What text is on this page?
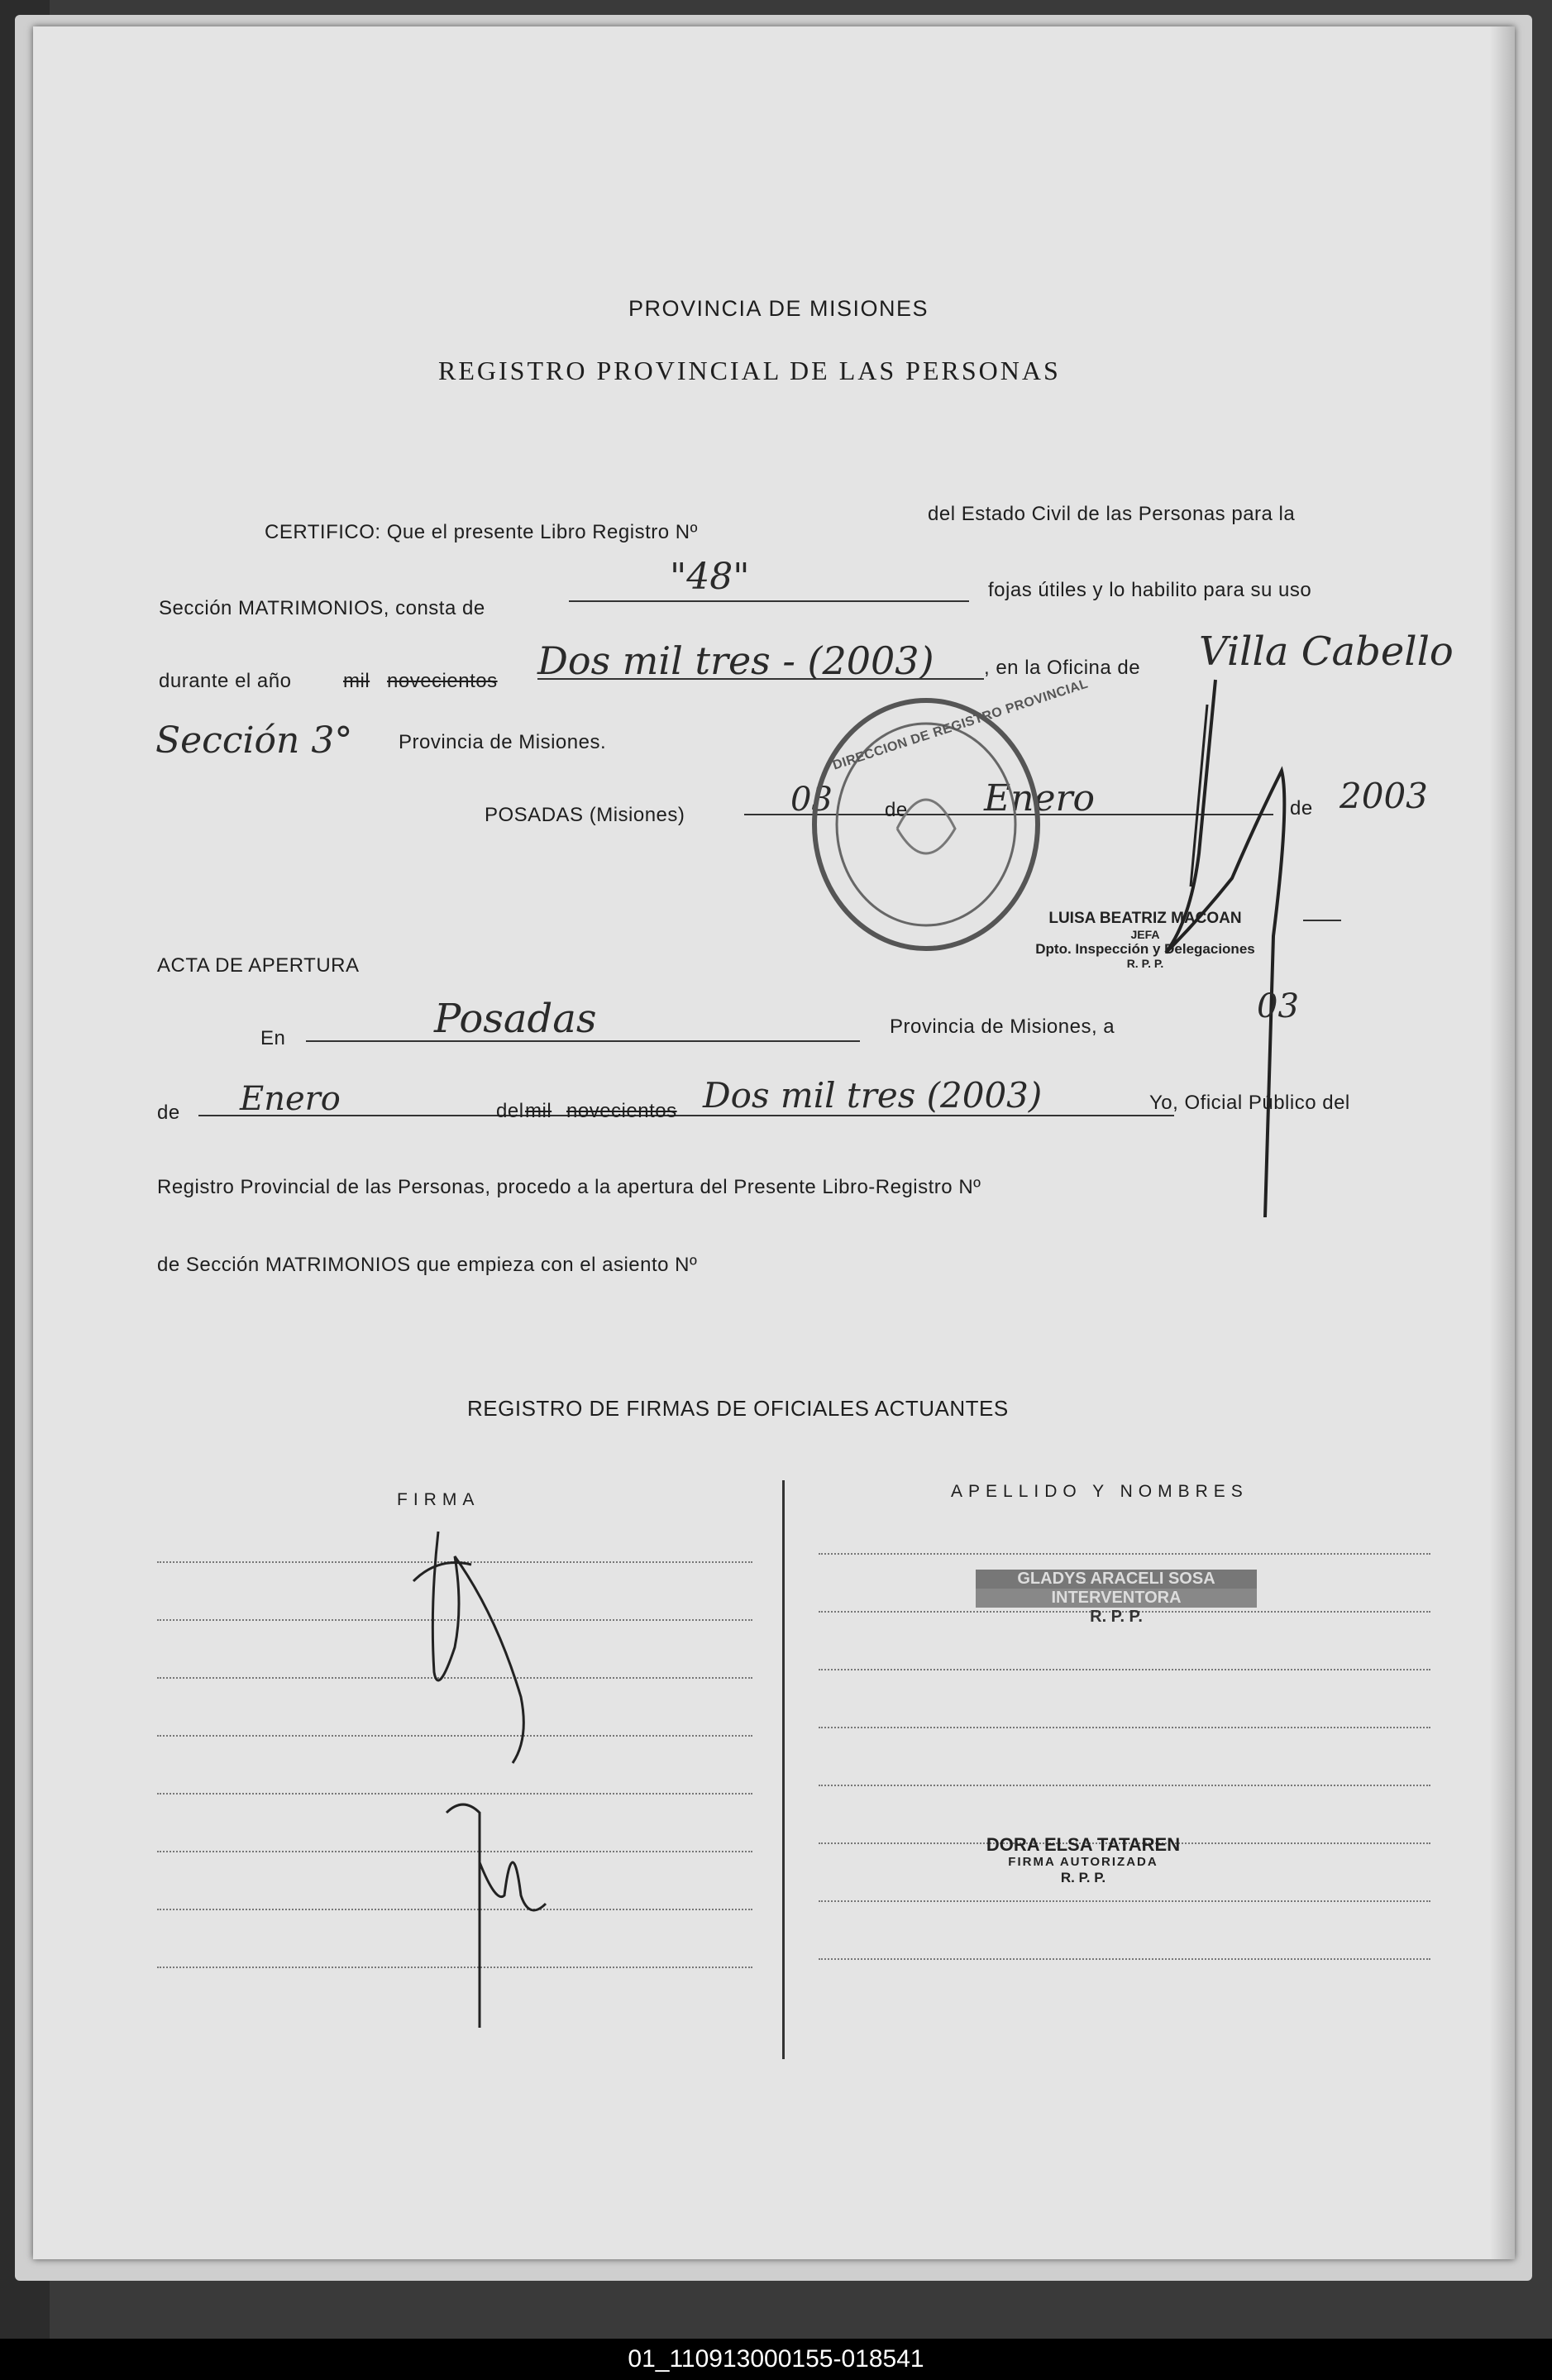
PROVINCIA DE MISIONES
REGISTRO PROVINCIAL DE LAS PERSONAS
CERTIFICO: Que el presente Libro Registro Nº
del Estado Civil de las Personas para la
Sección MATRIMONIOS, consta de
"48"	fojas útiles y lo habilito para su uso
durante el año	mil novecientos Dos mil tres - (2003)	, en la Oficina de Villa Cabello
Sección 3° Provincia de Misiones.
POSADAS (Misiones)	03	de Enero	de 2003
DIRECCION DE REGISTRO PROVINCIAL
LUISA BEATRIZ MACOAN
JEFA
Dpto. Inspección y Delegaciones
R. P. P.
ACTA DE APERTURA
En	Posadas	Provincia de Misiones, a
03
de Enero	del mil novecientos Dos mil tres (2003)	Yo, Oficial Público del
Registro Provincial de las Personas, procedo a la apertura del Presente Libro-Registro Nº
de Sección MATRIMONIOS que empieza con el asiento Nº
REGISTRO DE FIRMAS DE OFICIALES ACTUANTES
FIRMA	APELLIDO Y NOMBRES
GLADYS ARACELI SOSA
INTERVENTORA
R. P. P.
DORA ELSA TATAREN
FIRMA AUTORIZADA
R. P. P.
01_110913000155-018541
